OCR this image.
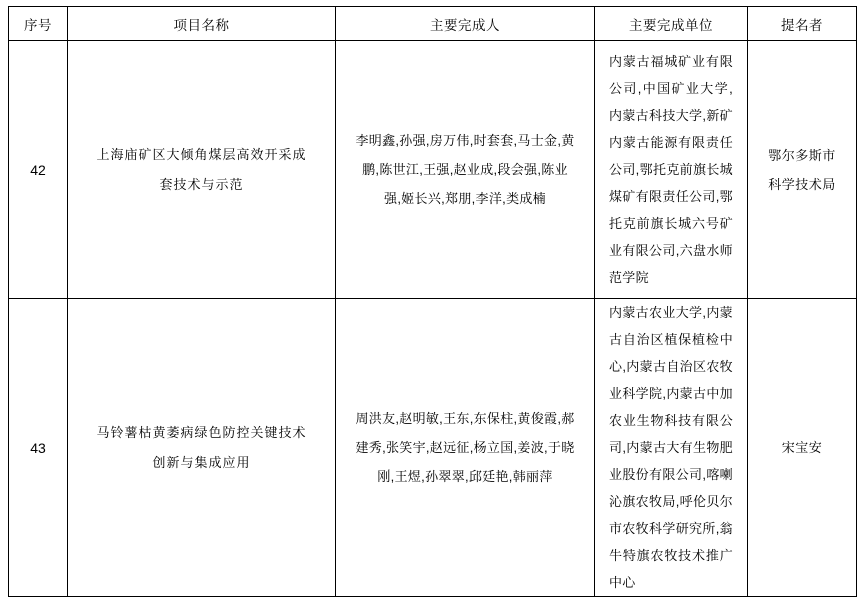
序号	项目名称	主要完成人	主要完成单位	提名者
42	上海庙矿区大倾角煤层高效开采成套技术与示范	李明鑫,孙强,房万伟,时套套,马士金,黄鹏,陈世江,王强,赵业成,段会强,陈业强,姬长兴,郑朋,李洋,类成楠	内蒙古福城矿业有限公司,中国矿业大学,内蒙古科技大学,新矿内蒙古能源有限责任公司,鄂托克前旗长城煤矿有限责任公司,鄂托克前旗长城六号矿业有限公司,六盘水师范学院	鄂尔多斯市科学技术局

43	马铃薯枯黄萎病绿色防控关键技术创新与集成应用	周洪友,赵明敏,王东,东保柱,黄俊霞,郝建秀,张笑宇,赵远征,杨立国,姜波,于晓刚,王煜,孙翠翠,邱廷艳,韩丽萍	内蒙古农业大学,内蒙古自治区植保植检中心,内蒙古自治区农牧业科学院,内蒙古中加农业生物科技有限公司,内蒙古大有生物肥业股份有限公司,喀喇沁旗农牧局,呼伦贝尔市农牧科学研究所,翁牛特旗农牧技术推广中心	宋宝安
